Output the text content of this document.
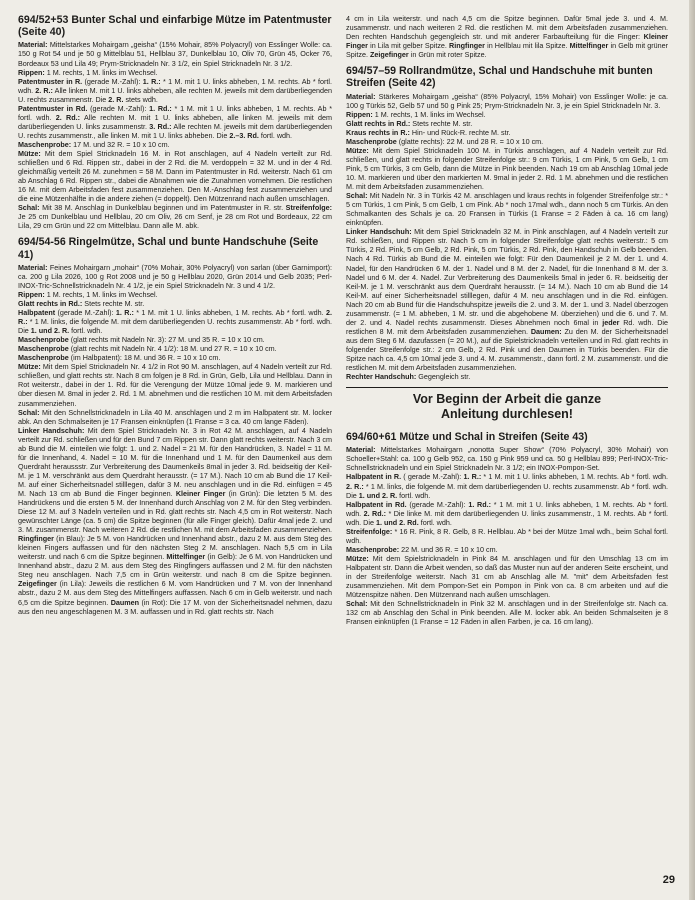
694/52+53 Bunter Schal und einfarbige Mütze im Patentmuster (Seite 40)

Material: Mittelstarkes Mohairgarn „geisha“ (15% Mohair, 85% Polyacryl) von Esslinger Wolle: ca. 150 g Rot 54 und je 50 g Mittelblau 51, Hellblau 37, Dunkelblau 10, Oliv 70, Grün 45, Ocker 76, Bordeaux 53 und Lila 49; Prym-Stricknadeln Nr. 3 1/2, ein Spiel Stricknadeln Nr. 3 1/2.

Rippen: 1 M. rechts, 1 M. links im Wechsel.

Patentmuster in R. (gerade M.-Zahl): 1. R.: * 1 M. mit 1 U. links abheben, 1 M. rechts. Ab * fortl. wdh. 2. R.: Alle linken M. mit 1 U. links abheben, alle rechten M. jeweils mit dem darüberliegenden U. rechts zusammenstr. Die 2. R. stets wdh.

Patentmuster in Rd. (gerade M.-Zahl): 1. Rd.: * 1 M. mit 1 U. links abheben, 1 M. rechts. Ab * fortl. wdh. 2. Rd.: Alle rechten M. mit 1 U. links abheben, alle linken M. jeweils mit dem darüberliegenden U. links zusammenstr. 3. Rd.: Alle rechten M. jeweils mit dem darüberliegenden U. rechts zusammenstr., alle linken M. mit 1 U. links abheben. Die 2.–3. Rd. fortl. wdh.

Maschenprobe: 17 M. und 32 R. = 10 x 10 cm.

Mütze: Mit dem Spiel Stricknadeln 16 M. in Rot anschlagen, auf 4 Nadeln verteilt zur Rd. schließen und 6 Rd. Rippen str., dabei in der 2 Rd. die M. verdoppeln = 32 M. und in der 4 Rd. gleichmäßig verteilt 26 M. zunehmen = 58 M. Dann im Patentmuster in Rd. weiterstr. Nach 61 cm ab Anschlag 6 Rd. Rippen str., dabei die Abnahmen wie die Zunahmen vornehmen. Die restlichen 16 M. mit dem Arbeitsfaden fest zusammenziehen. Den M.-Anschlag fest zusammenziehen und die eine Mützenhälfte in die andere ziehen (= doppelt). Den Mützenrand nach außen umschlagen.

Schal: Mit 38 M. Anschlag in Dunkelblau beginnen und im Patentmuster in R. str. Streifenfolge: Je 25 cm Dunkelblau und Hellblau, 20 cm Oliv, 26 cm Senf, je 28 cm Rot und Bordeaux, 22 cm Lila, 29 cm Grün und 22 cm Mittelblau. Dann alle M. abk.

694/54-56 Ringelmütze, Schal und bunte Handschuhe (Seite 41)

Material: Feines Mohairgarn „mohair“ (70% Mohair, 30% Polyacryl) von sarlan (über Garnimport): ca. 200 g Lila 2026, 100 g Rot 2008 und je 50 g Hellblau 2020, Grün 2014 und Gelb 2035; Perl-INOX-Tric-Schnellstricknadeln Nr. 4 1/2, je ein Spiel Stricknadeln Nr. 3 und 4 1/2.

Rippen: 1 M. rechts, 1 M. links im Wechsel.

Glatt rechts in Rd.: Stets rechte M. str.

Halbpatent (gerade M.-Zahl): 1. R.: * 1 M. mit 1 U. links abheben, 1 M. rechts. Ab * fortl. wdh. 2. R.: * 1 M. links, die folgende M. mit dem darüberliegenden U. rechts zusammenstr. Ab * fortl. wdh. Die 1. und 2. R. fortl. wdh.

Maschenprobe (glatt rechts mit Nadeln Nr. 3): 27 M. und 35 R. = 10 x 10 cm.

Maschenprobe (glatt rechts mit Nadeln Nr. 4 1/2): 18 M. und 27 R. = 10 x 10 cm.

Maschenprobe (im Halbpatent): 18 M. und 36 R. = 10 x 10 cm.

Mütze: Mit dem Spiel Stricknadeln Nr. 4 1/2 in Rot 90 M. anschlagen, auf 4 Nadeln verteilt zur Rd. schließen, und glatt rechts str. Nach 8 cm folgen je 8 Rd. in Grün, Gelb, Lila und Hellblau. Dann in Rot weiterstr., dabei in der 1. Rd. für die Verengung der Mütze 10mal jede 9. M. markieren und über diesen M. 8mal in jeder 2. Rd. 1 M. abnehmen und die restlichen 10 M. mit dem Arbeitsfaden zusammenziehen.

Schal: Mit den Schnellstricknadeln in Lila 40 M. anschlagen und 2 m im Halbpatent str. M. locker abk. An den Schmalseiten je 17 Fransen einknüpfen (1 Franse = 3 ca. 40 cm lange Fäden).

Linker Handschuh: Mit dem Spiel Stricknadeln Nr. 3 in Rot 42 M. anschlagen, auf 4 Nadeln verteilt zur Rd. schließen und für den Bund 7 cm Rippen str. Dann glatt rechts weiterstr. Nach 3 cm ab Bund die M. einteilen wie folgt: 1. und 2. Nadel = 21 M. für den Handrücken, 3. Nadel = 11 M. für die Innenhand, 4. Nadel = 10 M. für die Innenhand und 1 M. für den Daumenkeil aus dem Querdraht heraussstr. Zur Verbreiterung des Daumenkeils 8mal in jeder 3. Rd. beidseitig der Keil-M. je 1 M. verschränkt aus dem Querdraht herausstr. (= 17 M.). Nach 10 cm ab Bund die 17 Keil-M. auf einer Sicherheitsnadel stilllegen, dafür 3 M. neu anschlagen und in die Rd. einfügen = 45 M. Nach 13 cm ab Bund die Finger beginnen. Kleiner Finger (in Grün): Die letzten 5 M. des Handrückens und die ersten 5 M. der Innenhand durch Anschlag von 2 M. für den Steg verbinden. Diese 12 M. auf 3 Nadeln verteilen und in Rd. glatt rechts str. Nach 4,5 cm in Rot weiterstr. Nach gewünschter Länge (ca. 5 cm) die Spitze beginnen (für alle Finger gleich). Dafür 4mal jede 2. und 3. M. zusammenstr. Nach weiteren 2 Rd. die restlichen M. mit dem Arbeitsfaden zusammenziehen. Ringfinger (in Blau): Je 5 M. von Handrücken und Innenhand abstr., dazu 2 M. aus dem Steg des kleinen Fingers auffassen und für den nächsten Steg 2 M. anschlagen. Nach 5,5 cm in Lila weiterstr. und nach 6 cm die Spitze beginnen. Mittelfinger (in Gelb): Je 6 M. von Handrücken und Innenhand abstr., dazu 2 M. aus dem Steg des Ringfingers auffassen und 2 M. für den nächsten Steg neu anschlagen. Nach 7,5 cm in Grün weiterstr. und nach 8 cm die Spitze beginnen. Zeigefinger (in Lila): Jeweils die restlichen 6 M. vom Handrücken und 7 M. von der Innenhand abstr., dazu 2 M. aus dem Steg des Mittelfingers auffassen. Nach 6 cm in Gelb weiterstr. und nach 6,5 cm die Spitze beginnen. Daumen (in Rot): Die 17 M. von der Sicherheitsnadel nehmen, dazu aus den neu angeschlagenen M. 3 M. auffassen und in Rd. glatt rechts str. Nach

4 cm in Lila weiterstr. und nach 4,5 cm die Spitze beginnen. Dafür 5mal jede 3. und 4. M. zusammenstr. und nach weiteren 2 Rd. die restlichen M. mit dem Arbeitsfaden zusammenziehen. Den rechten Handschuh gegengleich str. und mit anderer Farbaufteilung für die Finger: Kleiner Finger in Lila mit gelber Spitze. Ringfinger in Hellblau mit lila Spitze. Mittelfinger in Gelb mit grüner Spitze. Zeigefinger in Grün mit roter Spitze.

694/57–59 Rollrandmütze, Schal und Handschuhe mit bunten Streifen (Seite 42)

Material: Stärkeres Mohairgarn „geisha“ (85% Polyacryl, 15% Mohair) von Esslinger Wolle: je ca. 100 g Türkis 52, Gelb 57 und 50 g Pink 25; Prym-Stricknadeln Nr. 3, je ein Spiel Stricknadeln Nr. 3.

Rippen: 1 M. rechts, 1 M. links im Wechsel.

Glatt rechts in Rd.: Stets rechte M. str.

Kraus rechts in R.: Hin- und Rück-R. rechte M. str.

Maschenprobe (glatte rechts): 22 M. und 28 R. = 10 x 10 cm.

Mütze: Mit dem Spiel Stricknadeln 100 M. in Türkis anschlagen, auf 4 Nadeln verteilt zur Rd. schließen, und glatt rechts in folgender Streifenfolge str.: 9 cm Türkis, 1 cm Pink, 5 cm Gelb, 1 cm Pink, 5 cm Türkis, 3 cm Gelb, dann die Mütze in Pink beenden. Nach 19 cm ab Anschlag 10mal jede 10. M. markieren und über den markierten M. 9mal in jeder 2. Rd. 1 M. abnehmen und die restlichen M. mit dem Arbeitsfaden zusammenziehen.

Schal: Mit Nadeln Nr. 3 in Türkis 42 M. anschlagen und kraus rechts in folgender Streifenfolge str.: * 5 cm Türkis, 1 cm Pink, 5 cm Gelb, 1 cm Pink. Ab * noch 17mal wdh., dann noch 5 cm Türkis. An den Schmalkanten des Schals je ca. 20 Fransen in Türkis (1 Franse = 2 Fäden à ca. 16 cm lang) einknüpfen.

Linker Handschuh: Mit dem Spiel Stricknadeln 32 M. in Pink anschlagen, auf 4 Nadeln verteilt zur Rd. schließen, und Rippen str. Nach 5 cm in folgender Streifenfolge glatt rechts weiterstr.: 5 cm Türkis, 2 Rd. Pink, 5 cm Gelb, 2 Rd. Pink, 5 cm Türkis, 2 Rd. Pink, den Handschuh in Gelb beenden. Nach 4 Rd. Türkis ab Bund die M. einteilen wie folgt: Für den Daumenkeil je 2 M. der 1. und 4. Nadel, für den Handrücken 6 M. der 1. Nadel und 8 M. der 2. Nadel, für die Innenhand 8 M. der 3. Nadel und 6 M. der 4. Nadel. Zur Verbreiterung des Daumenkeils 5mal in jeder 6. R. beidseitig der Keil-M. je 1 M. verschränkt aus dem Querdraht herausstr. (= 14 M.). Nach 10 cm ab Bund die 14 Keil-M. auf einer Sicherheitsnadel stilllegen, dafür 4 M. neu anschlagen und in die Rd. einfügen. Nach 20 cm ab Bund für die Handschuhspitze jeweils die 2. und 3. M. der 1. und 3. Nadel überzogen zusammenstr. (= 1 M. abheben, 1 M. str. und die abgehobene M. überziehen) und die 6. und 7. M. der 2. und 4. Nadel rechts zusammenstr. Dieses Abnehmen noch 6mal in jeder Rd. wdh. Die restlichen 8 M. mit dem Arbeitsfaden zusammenziehen. Daumen: Zu den M. der Sicherheitsnadel aus dem Steg 6 M. dazufassen (= 20 M.), auf die Spielstricknadeln verteilen und in Rd. glatt rechts in folgender Streifenfolge str.: 2 cm Gelb, 2 Rd. Pink und den Daumen in Türkis beenden. Für die Spitze nach ca. 4,5 cm 10mal jede 3. und 4. M. zusammenstr., dann fortl. 2 M. zusammenstr. und die restlichen M. mit dem Arbeitsfaden zusammenziehen.

Rechter Handschuh: Gegengleich str.

Vor Beginn der Arbeit die ganze
Anleitung durchlesen!
694/60+61 Mütze und Schal in Streifen (Seite 43)

Material: Mittelstarkes Mohairgarn „nonotta Super Show“ (70% Polyacryl, 30% Mohair) von Schoeller+Stahl: ca. 100 g Gelb 952, ca. 150 g Pink 959 und ca. 50 g Hellblau 899; Perl-INOX-Tric-Schnellstricknadeln und ein Spiel Stricknadeln Nr. 3 1/2; ein INOX-Pompon-Set.

Halbpatent in R. ( gerade M.-Zahl): 1. R.: * 1 M. mit 1 U. links abheben, 1 M. rechts. Ab * fortl. wdh. 2. R.: * 1 M. links, die folgende M. mit dem darüberliegenden U. rechts zusammenstr. Ab * fortl. wdh. Die 1. und 2. R. fortl. wdh.

Halbpatent in Rd. (gerade M.-Zahl): 1. Rd.: * 1 M. mit 1 U. links abheben, 1 M. rechts. Ab * fortl. wdh. 2. Rd.: * Die linke M. mit dem darüberliegenden U. links zusammenstr., 1 M. rechts. Ab * fortl. wdh. Die 1. und 2. Rd. fortl. wdh.

Streifenfolge: * 16 R. Pink, 8 R. Gelb, 8 R. Hellblau. Ab * bei der Mütze 1mal wdh., beim Schal fortl. wdh.

Maschenprobe: 22 M. und 36 R. = 10 x 10 cm.

Mütze: Mit dem Spielstricknadeln in Pink 84 M. anschlagen und für den Umschlag 13 cm im Halbpatent str. Dann die Arbeit wenden, so daß das Muster nun auf der anderen Seite erscheint, und in der Streifenfolge weiterstr. Nach 31 cm ab Anschlag alle M. "mit" dem Arbeitsfaden fest zusammenziehen. Mit dem Pompon-Set ein Pompon in Pink von ca. 8 cm arbeiten und auf die Mützenspitze nähen. Den Mützenrand nach außen umschlagen.

Schal: Mit den Schnellstricknadeln in Pink 32 M. anschlagen und in der Streifenfolge str. Nach ca. 132 cm ab Anschlag den Schal in Pink beenden. Alle M. locker abk. An beiden Schmalseiten je 8 Fransen einknüpfen (1 Franse = 12 Fäden in allen Farben, je ca. 16 cm lang).

29
